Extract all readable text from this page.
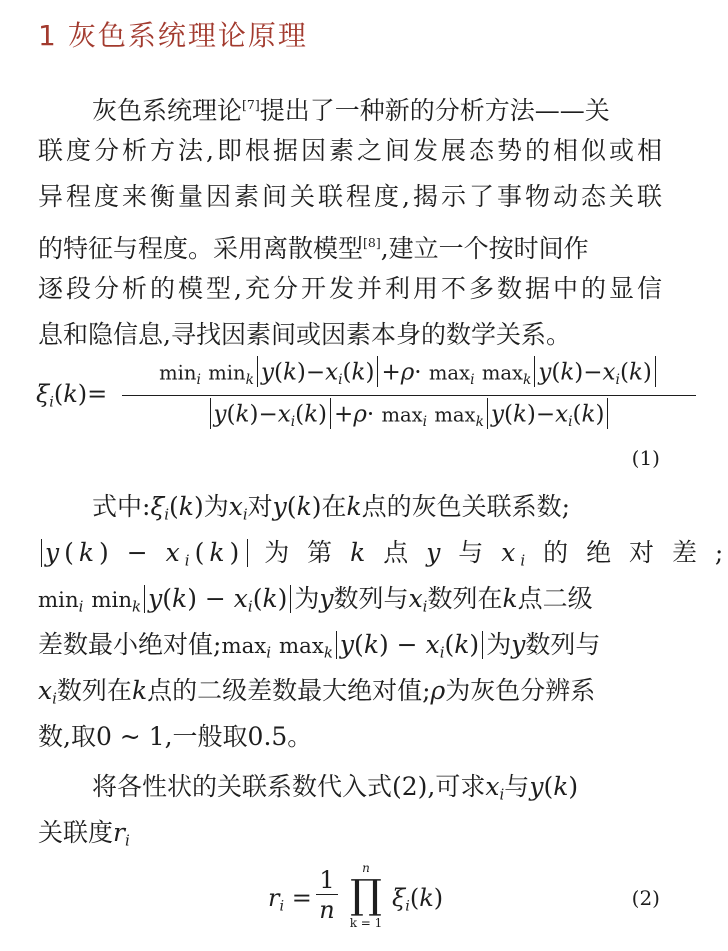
1 灰色系统理论原理
灰色系统理论[7]提出了一种新的分析方法——关
联度分析方法,即根据因素之间发展态势的相似或相
异程度来衡量因素间关联程度,揭示了事物动态关联
的特征与程度。采用离散模型[8],建立一个按时间作
逐段分析的模型,充分开发并利用不多数据中的显信
息和隐信息,寻找因素间或因素本身的数学关系。
$\xi_i(k)=$
$\min_i \min_k y(k)-x_i(k) +\rho\cdot \max_i \max_k y(k)-x_i(k)$
$y(k)-x_i(k) +\rho\cdot \max_i \max_k y(k)-x_i(k)$
(1)
式中$:\xi_i(k)$为$x_i$对y(k)在k点的灰色关联系数;
$y(k) - x_i(k)$ 为 第 k 点 y 与 $x_i$ 的 绝 对 差 ;
$\min_i \min_k y(k) - x_i(k)$ 为y数列与$x_i$数列在k点二级
差数最小绝对值$;\max_i$ $\max_k y(k) - x_i(k)$ 为y数列与
$x_i$数列在k点的二级差数最大绝对值;ρ为灰色分辨系
数,取0 ~ 1,一般取0.5。
将各性状的关联系数代入式(2),可求$x_i$与y(k)
关联度$r_i$
$r_i$ =
1
n
n
∏
k = 1
$\xi_i(k)$	(2)
